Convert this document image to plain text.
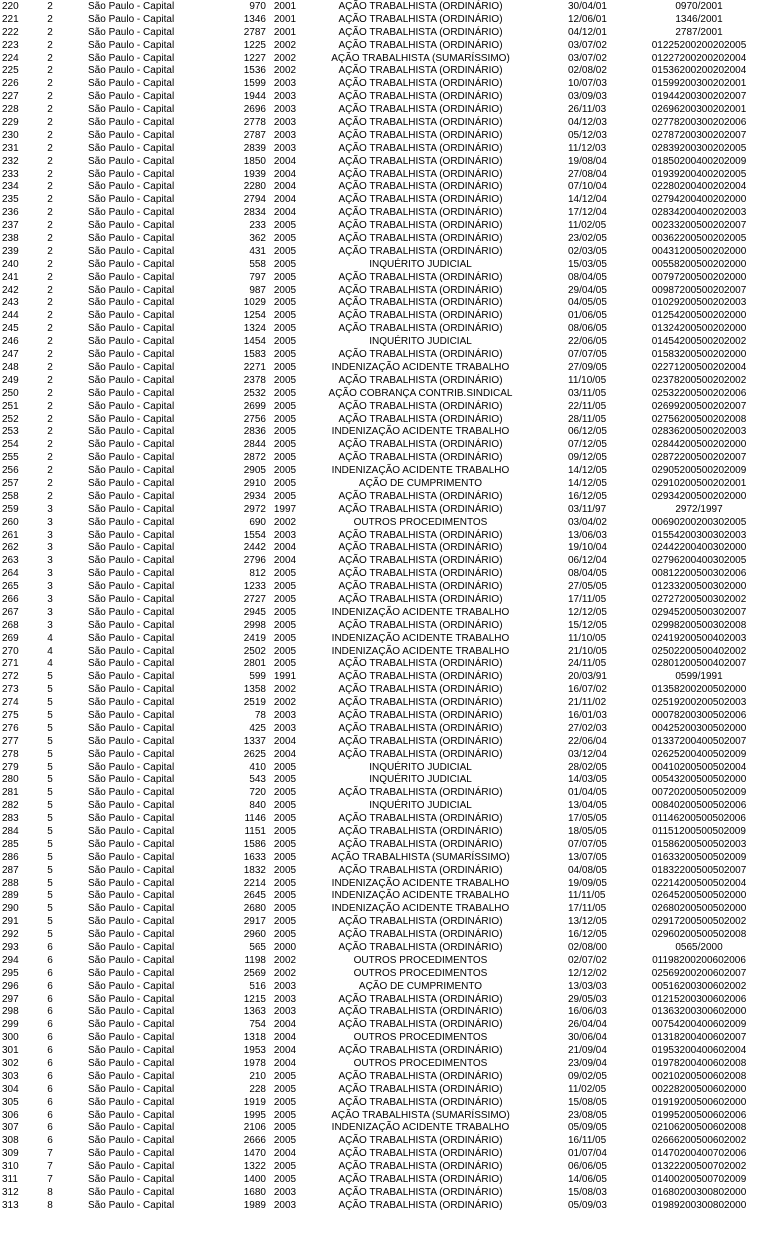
220	2	São Paulo - Capital	970 2001	AÇÃO TRABALHISTA (ORDINÁRIO)	30/04/01	0970/2001
221	2	São Paulo - Capital	1346 2001	AÇÃO TRABALHISTA (ORDINÁRIO)	12/06/01	1346/2001
222	2	São Paulo - Capital	2787 2001	AÇÃO TRABALHISTA (ORDINÁRIO)	04/12/01	2787/2001
223	2	São Paulo - Capital	1225 2002	AÇÃO TRABALHISTA (ORDINÁRIO)	03/07/02	01225200200202005
224	2	São Paulo - Capital	1227 2002	AÇÃO TRABALHISTA (SUMARÍSSIMO)	03/07/02	01227200200202004
225	2	São Paulo - Capital	1536 2002	AÇÃO TRABALHISTA (ORDINÁRIO)	02/08/02	01536200200202004
226	2	São Paulo - Capital	1599 2003	AÇÃO TRABALHISTA (ORDINÁRIO)	10/07/03	01599200300202001
227	2	São Paulo - Capital	1944 2003	AÇÃO TRABALHISTA (ORDINÁRIO)	03/09/03	01944200300202007
228	2	São Paulo - Capital	2696 2003	AÇÃO TRABALHISTA (ORDINÁRIO)	26/11/03	02696200300202001
229	2	São Paulo - Capital	2778 2003	AÇÃO TRABALHISTA (ORDINÁRIO)	04/12/03	02778200300202006
230	2	São Paulo - Capital	2787 2003	AÇÃO TRABALHISTA (ORDINÁRIO)	05/12/03	02787200300202007
231	2	São Paulo - Capital	2839 2003	AÇÃO TRABALHISTA (ORDINÁRIO)	11/12/03	02839200300202005
232	2	São Paulo - Capital	1850 2004	AÇÃO TRABALHISTA (ORDINÁRIO)	19/08/04	01850200400202009
233	2	São Paulo - Capital	1939 2004	AÇÃO TRABALHISTA (ORDINÁRIO)	27/08/04	01939200400202005
234	2	São Paulo - Capital	2280 2004	AÇÃO TRABALHISTA (ORDINÁRIO)	07/10/04	02280200400202004
235	2	São Paulo - Capital	2794 2004	AÇÃO TRABALHISTA (ORDINÁRIO)	14/12/04	02794200400202000
236	2	São Paulo - Capital	2834 2004	AÇÃO TRABALHISTA (ORDINÁRIO)	17/12/04	02834200400202003
237	2	São Paulo - Capital	233 2005	AÇÃO TRABALHISTA (ORDINÁRIO)	11/02/05	00233200500202007
238	2	São Paulo - Capital	362 2005	AÇÃO TRABALHISTA (ORDINÁRIO)	23/02/05	00362200500202005
239	2	São Paulo - Capital	431 2005	AÇÃO TRABALHISTA (ORDINÁRIO)	02/03/05	00431200500202000
240	2	São Paulo - Capital	558 2005	INQUÉRITO JUDICIAL	15/03/05	00558200500202000
241	2	São Paulo - Capital	797 2005	AÇÃO TRABALHISTA (ORDINÁRIO)	08/04/05	00797200500202000
242	2	São Paulo - Capital	987 2005	AÇÃO TRABALHISTA (ORDINÁRIO)	29/04/05	00987200500202007
243	2	São Paulo - Capital	1029 2005	AÇÃO TRABALHISTA (ORDINÁRIO)	04/05/05	01029200500202003
244	2	São Paulo - Capital	1254 2005	AÇÃO TRABALHISTA (ORDINÁRIO)	01/06/05	01254200500202000
245	2	São Paulo - Capital	1324 2005	AÇÃO TRABALHISTA (ORDINÁRIO)	08/06/05	01324200500202000
246	2	São Paulo - Capital	1454 2005	INQUÉRITO JUDICIAL	22/06/05	01454200500202002
247	2	São Paulo - Capital	1583 2005	AÇÃO TRABALHISTA (ORDINÁRIO)	07/07/05	01583200500202000
248	2	São Paulo - Capital	2271 2005	INDENIZAÇÃO ACIDENTE TRABALHO	27/09/05	02271200500202004
249	2	São Paulo - Capital	2378 2005	AÇÃO TRABALHISTA (ORDINÁRIO)	11/10/05	02378200500202002
250	2	São Paulo - Capital	2532 2005	AÇÃO COBRANÇA CONTRIB.SINDICAL	03/11/05	02532200500202006
251	2	São Paulo - Capital	2699 2005	AÇÃO TRABALHISTA (ORDINÁRIO)	22/11/05	02699200500202007
252	2	São Paulo - Capital	2756 2005	AÇÃO TRABALHISTA (ORDINÁRIO)	28/11/05	02756200500202008
253	2	São Paulo - Capital	2836 2005	INDENIZAÇÃO ACIDENTE TRABALHO	06/12/05	02836200500202003
254	2	São Paulo - Capital	2844 2005	AÇÃO TRABALHISTA (ORDINÁRIO)	07/12/05	02844200500202000
255	2	São Paulo - Capital	2872 2005	AÇÃO TRABALHISTA (ORDINÁRIO)	09/12/05	02872200500202007
256	2	São Paulo - Capital	2905 2005	INDENIZAÇÃO ACIDENTE TRABALHO	14/12/05	02905200500202009
257	2	São Paulo - Capital	2910 2005	AÇÃO DE CUMPRIMENTO	14/12/05	02910200500202001
258	2	São Paulo - Capital	2934 2005	AÇÃO TRABALHISTA (ORDINÁRIO)	16/12/05	02934200500202000
259	3	São Paulo - Capital	2972 1997	AÇÃO TRABALHISTA (ORDINÁRIO)	03/11/97	2972/1997
260	3	São Paulo - Capital	690 2002	OUTROS PROCEDIMENTOS	03/04/02	00690200200302005
261	3	São Paulo - Capital	1554 2003	AÇÃO TRABALHISTA (ORDINÁRIO)	13/06/03	01554200300302003
262	3	São Paulo - Capital	2442 2004	AÇÃO TRABALHISTA (ORDINÁRIO)	19/10/04	02442200400302000
263	3	São Paulo - Capital	2796 2004	AÇÃO TRABALHISTA (ORDINÁRIO)	06/12/04	02796200400302005
264	3	São Paulo - Capital	812 2005	AÇÃO TRABALHISTA (ORDINÁRIO)	08/04/05	00812200500302006
265	3	São Paulo - Capital	1233 2005	AÇÃO TRABALHISTA (ORDINÁRIO)	27/05/05	01233200500302000
266	3	São Paulo - Capital	2727 2005	AÇÃO TRABALHISTA (ORDINÁRIO)	17/11/05	02727200500302002
267	3	São Paulo - Capital	2945 2005	INDENIZAÇÃO ACIDENTE TRABALHO	12/12/05	02945200500302007
268	3	São Paulo - Capital	2998 2005	AÇÃO TRABALHISTA (ORDINÁRIO)	15/12/05	02998200500302008
269	4	São Paulo - Capital	2419 2005	INDENIZAÇÃO ACIDENTE TRABALHO	11/10/05	02419200500402003
270	4	São Paulo - Capital	2502 2005	INDENIZAÇÃO ACIDENTE TRABALHO	21/10/05	02502200500402002
271	4	São Paulo - Capital	2801 2005	AÇÃO TRABALHISTA (ORDINÁRIO)	24/11/05	02801200500402007
272	5	São Paulo - Capital	599 1991	AÇÃO TRABALHISTA (ORDINÁRIO)	20/03/91	0599/1991
273	5	São Paulo - Capital	1358 2002	AÇÃO TRABALHISTA (ORDINÁRIO)	16/07/02	01358200200502000
274	5	São Paulo - Capital	2519 2002	AÇÃO TRABALHISTA (ORDINÁRIO)	21/11/02	02519200200502003
275	5	São Paulo - Capital	78 2003	AÇÃO TRABALHISTA (ORDINÁRIO)	16/01/03	00078200300502006
276	5	São Paulo - Capital	425 2003	AÇÃO TRABALHISTA (ORDINÁRIO)	27/02/03	00425200300502000
277	5	São Paulo - Capital	1337 2004	AÇÃO TRABALHISTA (ORDINÁRIO)	22/06/04	01337200400502007
278	5	São Paulo - Capital	2625 2004	AÇÃO TRABALHISTA (ORDINÁRIO)	03/12/04	02625200400502009
279	5	São Paulo - Capital	410 2005	INQUÉRITO JUDICIAL	28/02/05	00410200500502004
280	5	São Paulo - Capital	543 2005	INQUÉRITO JUDICIAL	14/03/05	00543200500502000
281	5	São Paulo - Capital	720 2005	AÇÃO TRABALHISTA (ORDINÁRIO)	01/04/05	00720200500502009
282	5	São Paulo - Capital	840 2005	INQUÉRITO JUDICIAL	13/04/05	00840200500502006
283	5	São Paulo - Capital	1146 2005	AÇÃO TRABALHISTA (ORDINÁRIO)	17/05/05	01146200500502006
284	5	São Paulo - Capital	1151 2005	AÇÃO TRABALHISTA (ORDINÁRIO)	18/05/05	01151200500502009
285	5	São Paulo - Capital	1586 2005	AÇÃO TRABALHISTA (ORDINÁRIO)	07/07/05	01586200500502003
286	5	São Paulo - Capital	1633 2005	AÇÃO TRABALHISTA (SUMARÍSSIMO)	13/07/05	01633200500502009
287	5	São Paulo - Capital	1832 2005	AÇÃO TRABALHISTA (ORDINÁRIO)	04/08/05	01832200500502007
288	5	São Paulo - Capital	2214 2005	INDENIZAÇÃO ACIDENTE TRABALHO	19/09/05	02214200500502004
289	5	São Paulo - Capital	2645 2005	INDENIZAÇÃO ACIDENTE TRABALHO	11/11/05	02645200500502000
290	5	São Paulo - Capital	2680 2005	INDENIZAÇÃO ACIDENTE TRABALHO	17/11/05	02680200500502000
291	5	São Paulo - Capital	2917 2005	AÇÃO TRABALHISTA (ORDINÁRIO)	13/12/05	02917200500502002
292	5	São Paulo - Capital	2960 2005	AÇÃO TRABALHISTA (ORDINÁRIO)	16/12/05	02960200500502008
293	6	São Paulo - Capital	565 2000	AÇÃO TRABALHISTA (ORDINÁRIO)	02/08/00	0565/2000
294	6	São Paulo - Capital	1198 2002	OUTROS PROCEDIMENTOS	02/07/02	01198200200602006
295	6	São Paulo - Capital	2569 2002	OUTROS PROCEDIMENTOS	12/12/02	02569200200602007
296	6	São Paulo - Capital	516 2003	AÇÃO DE CUMPRIMENTO	13/03/03	00516200300602002
297	6	São Paulo - Capital	1215 2003	AÇÃO TRABALHISTA (ORDINÁRIO)	29/05/03	01215200300602006
298	6	São Paulo - Capital	1363 2003	AÇÃO TRABALHISTA (ORDINÁRIO)	16/06/03	01363200300602000
299	6	São Paulo - Capital	754 2004	AÇÃO TRABALHISTA (ORDINÁRIO)	26/04/04	00754200400602009
300	6	São Paulo - Capital	1318 2004	OUTROS PROCEDIMENTOS	30/06/04	01318200400602007
301	6	São Paulo - Capital	1953 2004	AÇÃO TRABALHISTA (ORDINÁRIO)	21/09/04	01953200400602004
302	6	São Paulo - Capital	1978 2004	OUTROS PROCEDIMENTOS	23/09/04	01978200400602008
303	6	São Paulo - Capital	210 2005	AÇÃO TRABALHISTA (ORDINÁRIO)	09/02/05	00210200500602008
304	6	São Paulo - Capital	228 2005	AÇÃO TRABALHISTA (ORDINÁRIO)	11/02/05	00228200500602000
305	6	São Paulo - Capital	1919 2005	AÇÃO TRABALHISTA (ORDINÁRIO)	15/08/05	01919200500602000
306	6	São Paulo - Capital	1995 2005	AÇÃO TRABALHISTA (SUMARÍSSIMO)	23/08/05	01995200500602006
307	6	São Paulo - Capital	2106 2005	INDENIZAÇÃO ACIDENTE TRABALHO	05/09/05	02106200500602008
308	6	São Paulo - Capital	2666 2005	AÇÃO TRABALHISTA (ORDINÁRIO)	16/11/05	02666200500602002
309	7	São Paulo - Capital	1470 2004	AÇÃO TRABALHISTA (ORDINÁRIO)	01/07/04	01470200400702006
310	7	São Paulo - Capital	1322 2005	AÇÃO TRABALHISTA (ORDINÁRIO)	06/06/05	01322200500702002
311	7	São Paulo - Capital	1400 2005	AÇÃO TRABALHISTA (ORDINÁRIO)	14/06/05	01400200500702009
312	8	São Paulo - Capital	1680 2003	AÇÃO TRABALHISTA (ORDINÁRIO)	15/08/03	01680200300802000
313	8	São Paulo - Capital	1989 2003	AÇÃO TRABALHISTA (ORDINÁRIO)	05/09/03	01989200300802000
